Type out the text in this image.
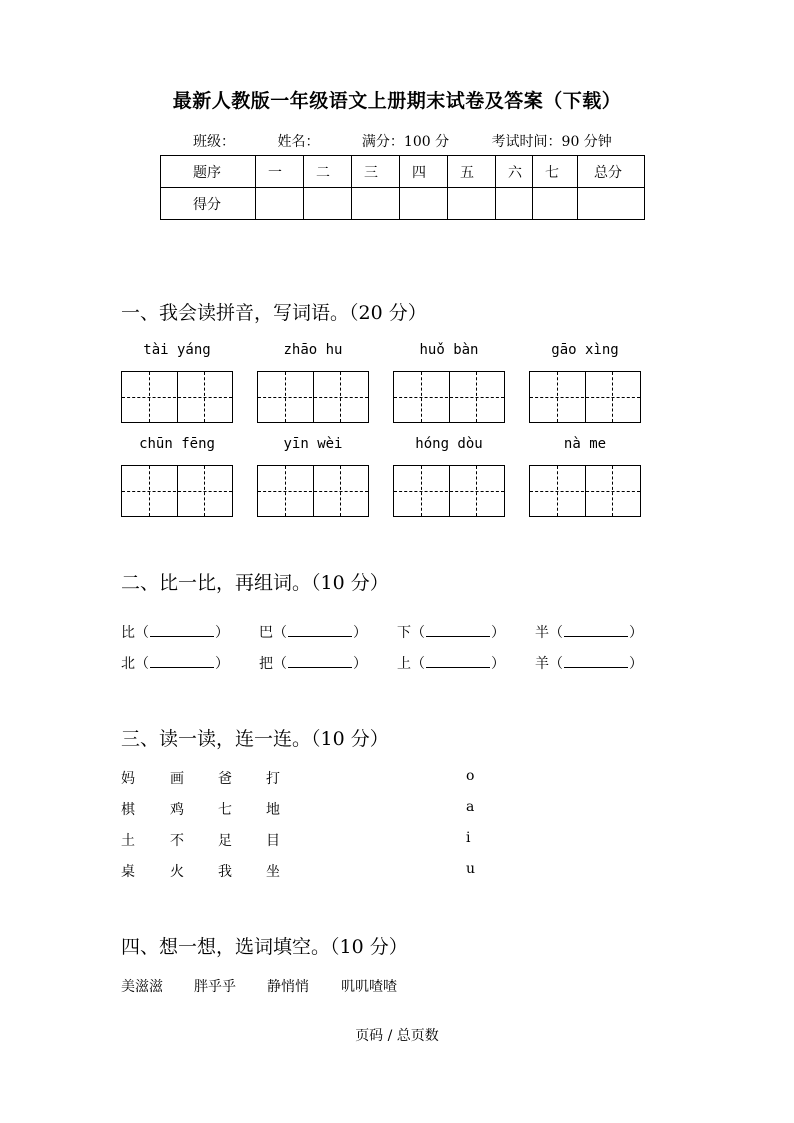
最新人教版一年级语文上册期末试卷及答案（下载）
班级：	姓名：	满分：100 分	考试时间：90 分钟
题序	一	二	三	四	五	六	七	总分
得分								
一、我会读拼音，写词语。（20 分）
tài yáng	zhāo hu	huǒ bàn	gāo xìng
chūn fēng	yīn wèi	hóng dòu	nà me
二、比一比，再组词。（10 分）
比（	） 巴（	） 下（	） 半（	）
北（	） 把（	） 上（	） 羊（	）
三、读一读，连一连。（10 分）
妈	画 爸 打	o
棋	鸡 七 地	a
土	不 足 目	i
桌	火 我 坐	u
四、想一想，选词填空。（10 分）
美滋滋 胖乎乎 静悄悄 叽叽喳喳
页码 / 总页数
